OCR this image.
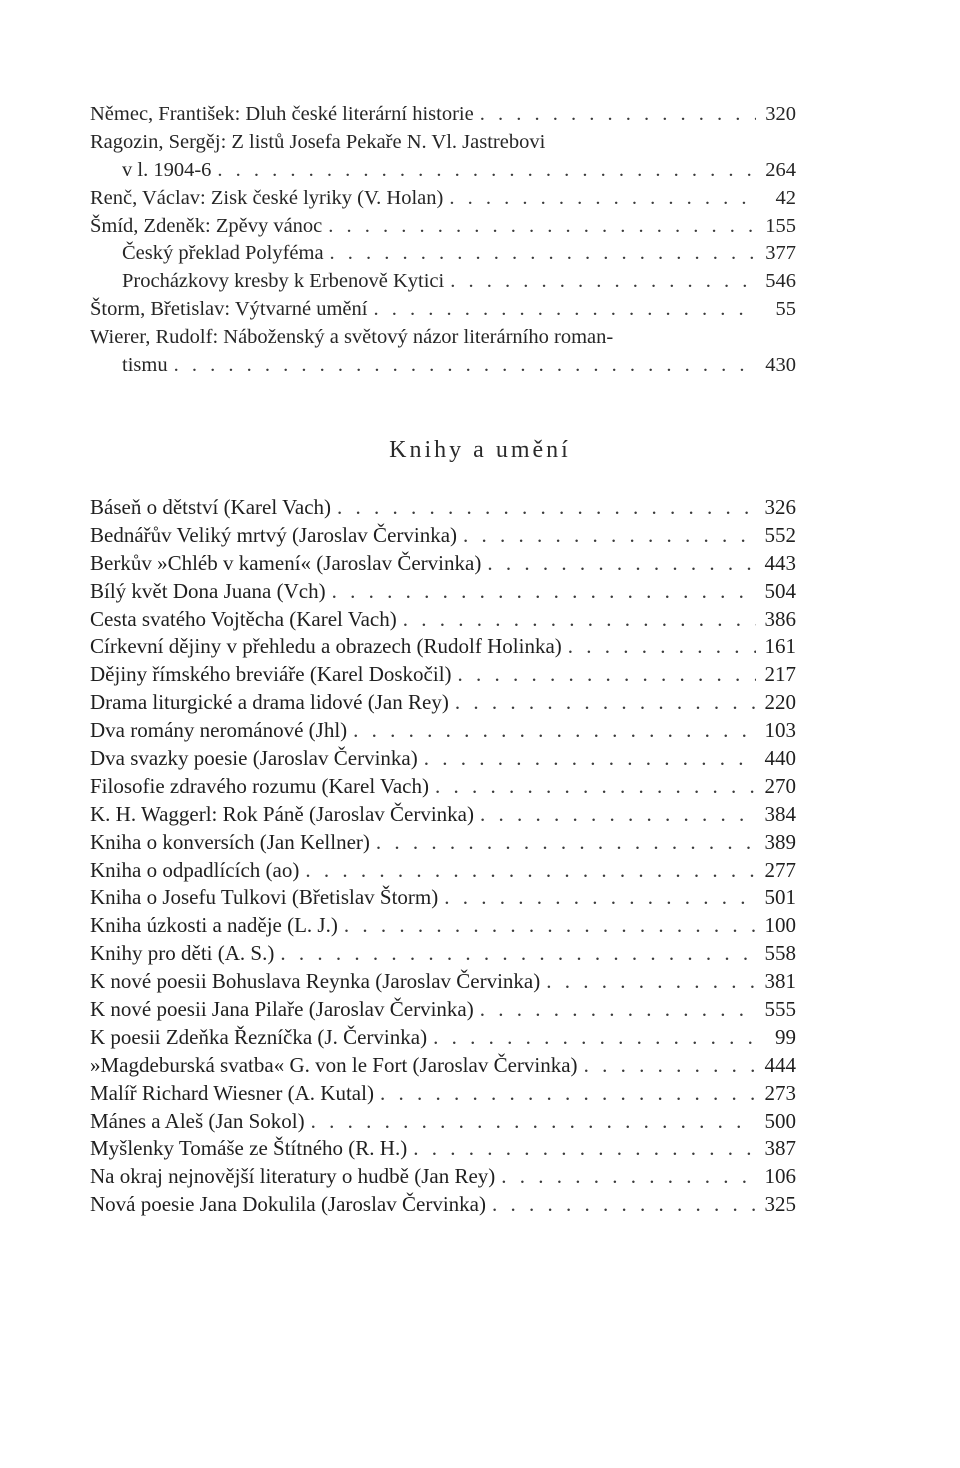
Němec, František: Dluh české literární historie . . .	320
Ragozin, Sergěj: Z listů Josefa Pekaře N. Vl. Jastrebovi
v l. 1904-6 . . .	264
Renč, Václav: Zisk české lyriky (V. Holan) . . .	42
Šmíd, Zdeněk: Zpěvy vánoc . . .	155
Český překlad Polyféma . . .	377
Procházkovy kresby k Erbenově Kytici . . .	546
Štorm, Břetislav: Výtvarné umění . . .	55
Wierer, Rudolf: Náboženský a světový názor literárního roman-
tismu . . .	430
Knihy a umění
Báseň o dětství (Karel Vach) . . .	326
Bednářův Veliký mrtvý (Jaroslav Červinka) . . .	552
Berkův »Chléb v kamení« (Jaroslav Červinka) . . .	443
Bílý květ Dona Juana (Vch) . . .	504
Cesta svatého Vojtěcha (Karel Vach) . . .	386
Církevní dějiny v přehledu a obrazech (Rudolf Holinka) . . .	161
Dějiny římského breviáře (Karel Doskočil) . . .	217
Drama liturgické a drama lidové (Jan Rey) . . .	220
Dva romány nerománové (Jhl) . . .	103
Dva svazky poesie (Jaroslav Červinka) . . .	440
Filosofie zdravého rozumu (Karel Vach) . . .	270
K. H. Waggerl: Rok Páně (Jaroslav Červinka) . . .	384
Kniha o konversích (Jan Kellner) . . .	389
Kniha o odpadlících (ao) . . .	277
Kniha o Josefu Tulkovi (Břetislav Štorm) . . .	501
Kniha úzkosti a naděje (L. J.) . . .	100
Knihy pro děti (A. S.) . . .	558
K nové poesii Bohuslava Reynka (Jaroslav Červinka) . . .	381
K nové poesii Jana Pilaře (Jaroslav Červinka) . . .	555
K poesii Zdeňka Řezníčka (J. Červinka) . . .	99
»Magdeburská svatba« G. von le Fort (Jaroslav Červinka) . . .	444
Malíř Richard Wiesner (A. Kutal) . . .	273
Mánes a Aleš (Jan Sokol) . . .	500
Myšlenky Tomáše ze Štítného (R. H.) . . .	387
Na okraj nejnovější literatury o hudbě (Jan Rey) . . .	106
Nová poesie Jana Dokulila (Jaroslav Červinka) . . .	325
